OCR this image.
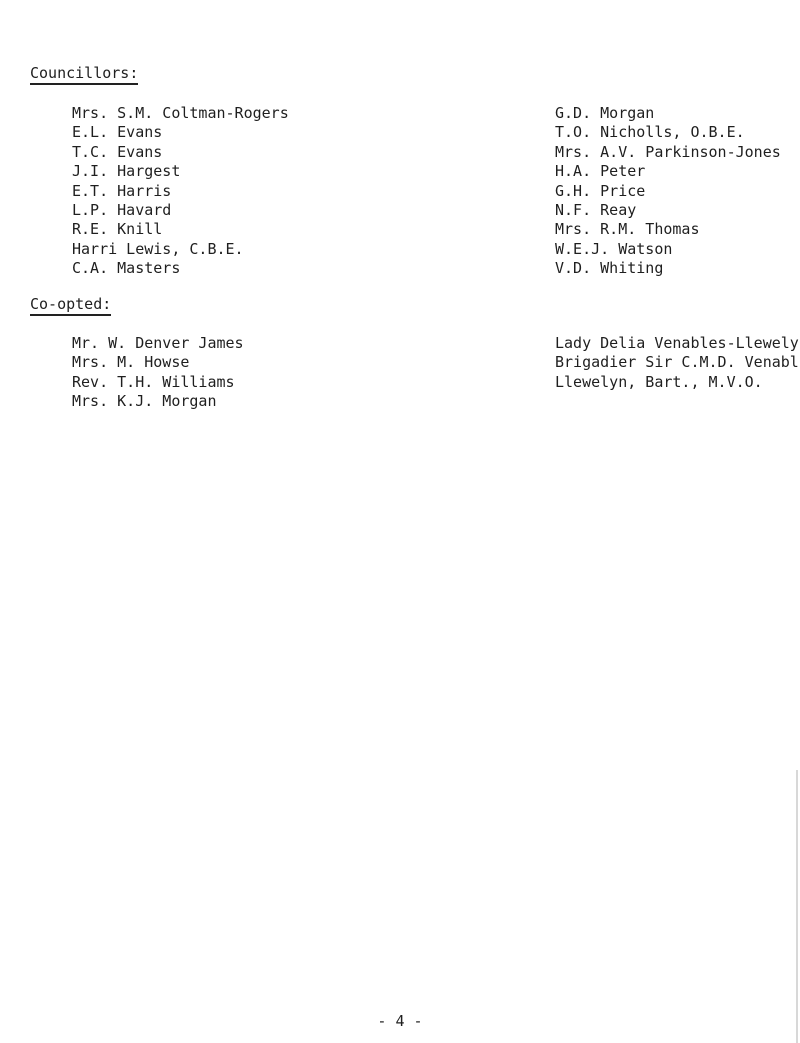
Councillors:
Mrs. S.M. Coltman-Rogers
E.L. Evans
T.C. Evans
J.I. Hargest
E.T. Harris
L.P. Havard
R.E. Knill
Harri Lewis, C.B.E.
C.A. Masters
G.D. Morgan
T.O. Nicholls, O.B.E.
Mrs. A.V. Parkinson-Jones
H.A. Peter
G.H. Price
N.F. Reay
Mrs. R.M. Thomas
W.E.J. Watson
V.D. Whiting
Co-opted:
Mr. W. Denver James
Mrs. M. Howse
Rev. T.H. Williams
Mrs. K.J. Morgan
Lady Delia Venables-Llewely
Brigadier Sir C.M.D. Venabl
Llewelyn, Bart., M.V.O.
- 4 -
